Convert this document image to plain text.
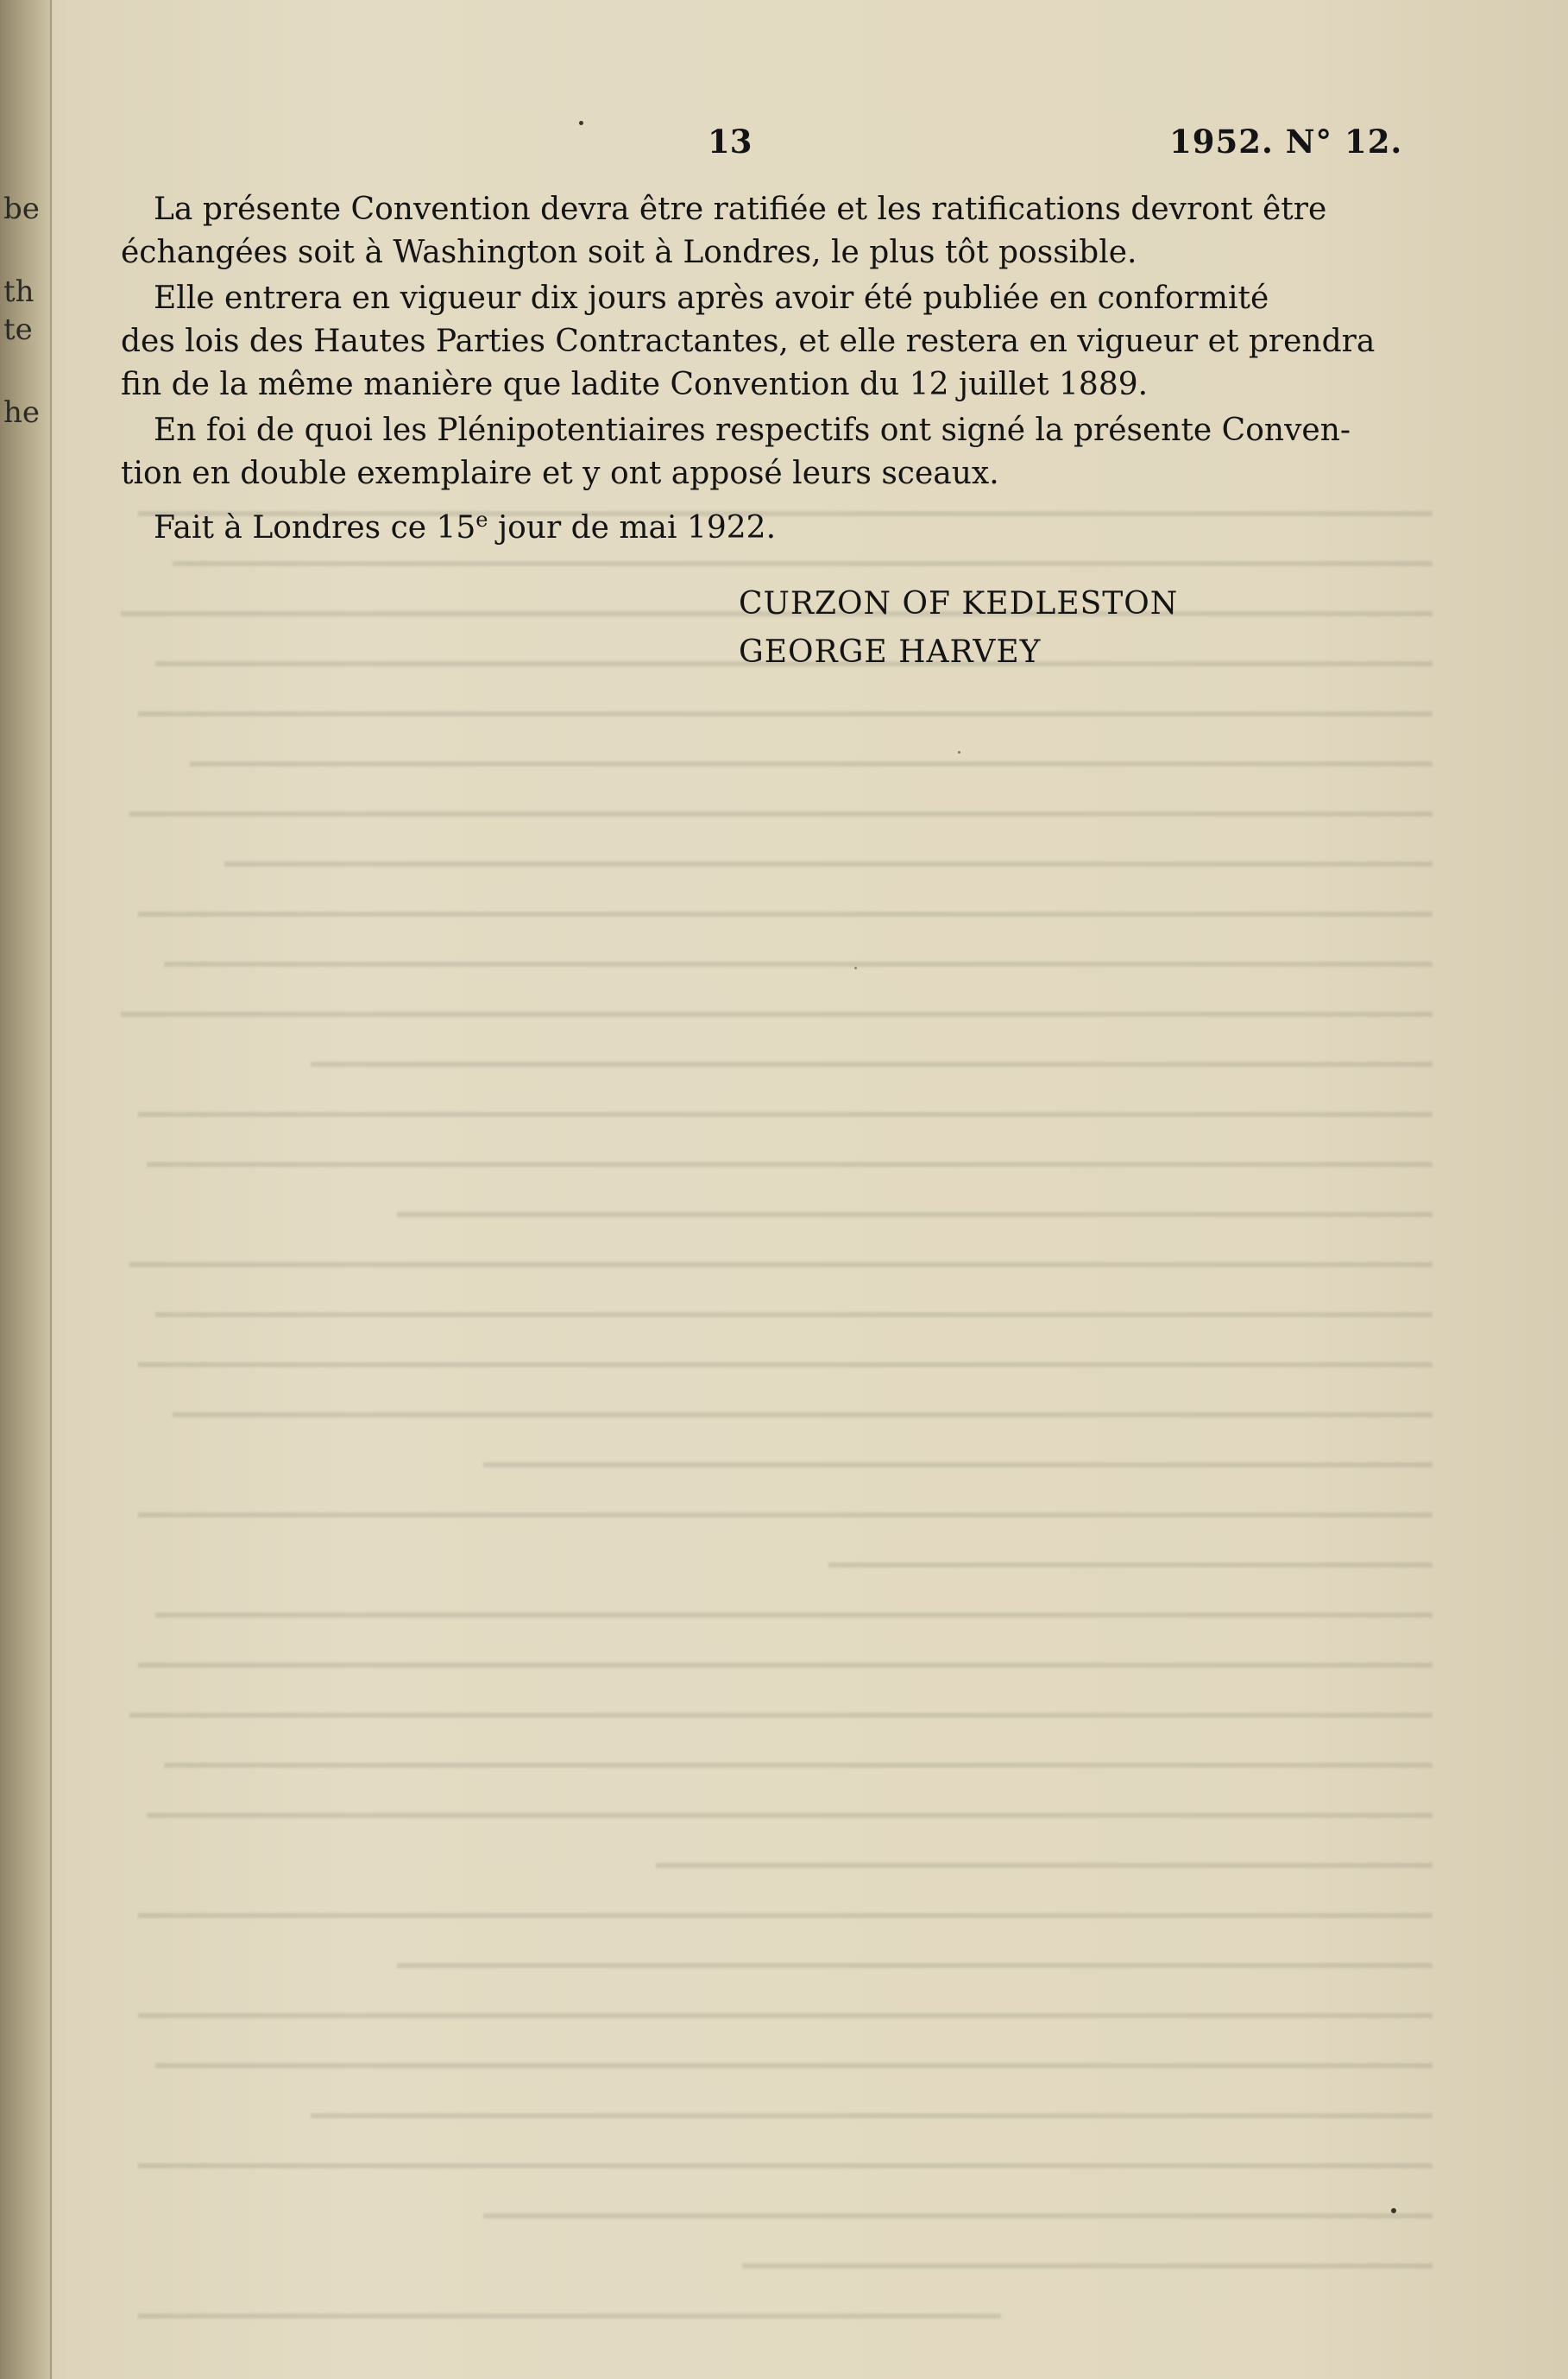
be
th
te
he

13	1952. N° 12.

La présente Convention devra être ratifiée et les ratifications devront être
échangées soit à Washington soit à Londres, le plus tôt possible.

Elle entrera en vigueur dix jours après avoir été publiée en conformité
des lois des Hautes Parties Contractantes, et elle restera en vigueur et prendra
fin de la même manière que ladite Convention du 12 juillet 1889.

En foi de quoi les Plénipotentiaires respectifs ont signé la présente Conven-
tion en double exemplaire et y ont apposé leurs sceaux.

Fait à Londres ce 15e jour de mai 1922.
CURZON OF KEDLESTON
GEORGE HARVEY
